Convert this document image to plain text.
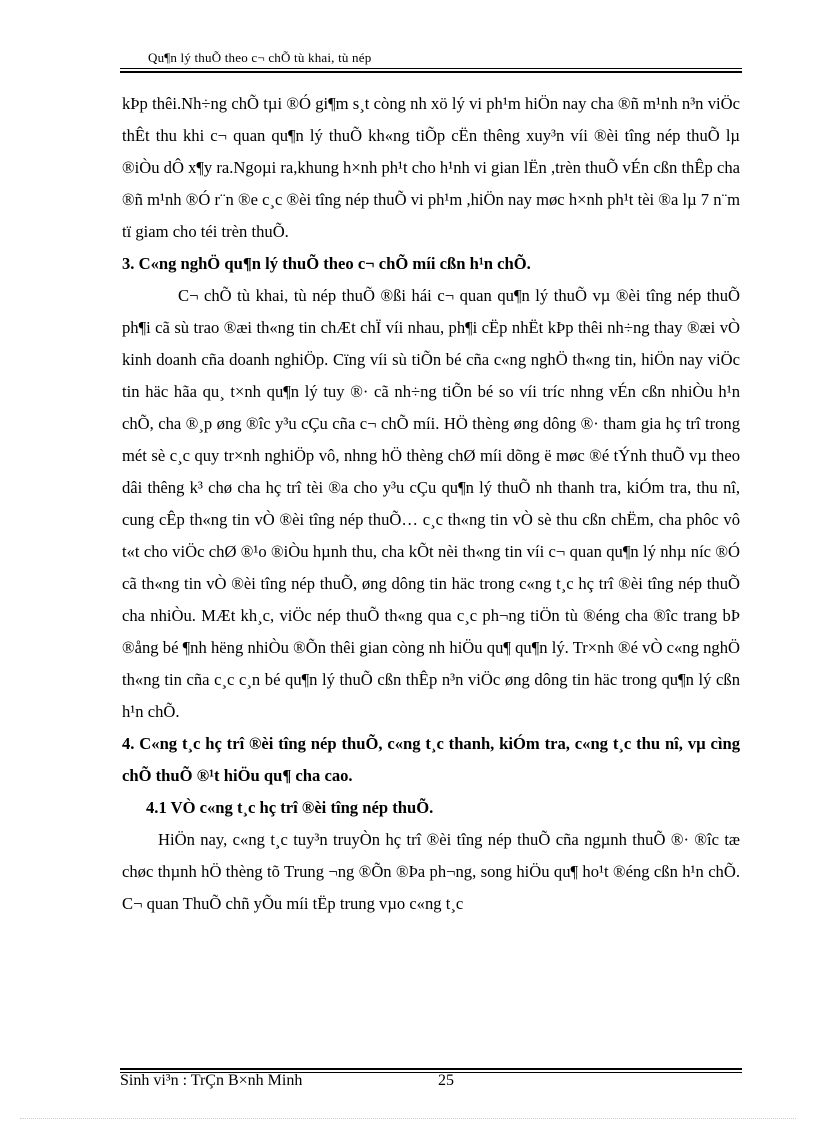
Qu¶n lý thuÕ theo c¬ chÕ tù khai, tù nép

kÞp thêi.Nh÷ng chÕ tµi ®Ó gi¶m s¸t còng nh xö lý vi ph¹m hiÖn nay cha ®ñ m¹nh n³n viÖc thÊt thu khi c¬ quan qu¶n lý thuÕ kh«ng tiÕp cËn thêng xuy³n víi ®èi tîng nép thuÕ lµ ®iÒu dÔ x¶y ra.Ngoµi ra,khung h×nh ph¹t cho h¹nh vi gian lËn ,trèn thuÕ vÉn cßn thÊp cha ®ñ m¹nh ®Ó r¨n ®e c¸c ®èi tîng nép thuÕ vi ph¹m ,hiÖn nay møc h×nh ph¹t tèi ®a lµ 7 n¨m tï giam cho téi trèn thuÕ.

3. C«ng nghÖ qu¶n lý thuÕ theo c¬ chÕ míi cßn h¹n chÕ.

C¬ chÕ tù khai, tù nép thuÕ ®ßi hái c¬ quan qu¶n lý thuÕ vµ ®èi tîng nép thuÕ ph¶i cã sù trao ®æi th«ng tin chÆt chÏ víi nhau, ph¶i cËp nhËt kÞp thêi nh÷ng thay ®æi vÒ kinh doanh cña doanh nghiÖp. Cïng víi sù tiÕn bé cña c«ng nghÖ th«ng tin, hiÖn nay viÖc tin häc hãa qu¸ t×nh qu¶n lý tuy ®· cã nh÷ng tiÕn bé so víi tríc nhng vÉn cßn nhiÒu h¹n chÕ, cha ®¸p øng ®îc y³u cÇu cña c¬ chÕ míi. HÖ thèng øng dông ®· tham gia hç trî trong mét sè c¸c quy tr×nh nghiÖp vô, nhng hÖ thèng chØ míi dõng ë møc ®é tÝnh thuÕ vµ theo dâi thêng k³ chø cha hç trî tèi ®a cho y³u cÇu qu¶n lý thuÕ nh thanh tra, kiÓm tra, thu nî, cung cÊp th«ng tin vÒ ®èi tîng nép thuÕ… c¸c th«ng tin vÒ sè thu cßn chËm, cha phôc vô t«t cho viÖc chØ ®¹o ®iÒu hµnh thu, cha kÕt nèi th«ng tin víi c¬ quan qu¶n lý nhµ níc ®Ó cã th«ng tin vÒ ®èi tîng nép thuÕ, øng dông tin häc trong c«ng t¸c hç trî ®èi tîng nép thuÕ cha nhiÒu. MÆt kh¸c, viÖc nép thuÕ th«ng qua c¸c ph¬ng tiÖn tù ®éng cha ®îc trang bÞ ®ång bé ¶nh hëng nhiÒu ®Õn thêi gian còng nh hiÖu qu¶ qu¶n lý. Tr×nh ®é vÒ c«ng nghÖ th«ng tin cña c¸c c¸n bé qu¶n lý thuÕ cßn thÊp n³n viÖc øng dông tin häc trong qu¶n lý cßn h¹n chÕ.

4. C«ng t¸c hç trî ®èi tîng nép thuÕ, c«ng t¸c thanh, kiÓm tra, c«ng t¸c thu nî, vµ cìng chÕ thuÕ ®¹t hiÖu qu¶ cha cao.

4.1 VÒ c«ng t¸c hç trî ®èi tîng nép thuÕ.

HiÖn nay, c«ng t¸c tuy³n truyÒn hç trî ®èi tîng nép thuÕ cña ngµnh thuÕ ®· ®îc tæ chøc thµnh hÖ thèng tõ Trung ¬ng ®Õn ®Þa ph¬ng, song hiÖu qu¶ ho¹t ®éng cßn h¹n chÕ. C¬ quan ThuÕ chñ yÕu míi tËp trung vµo c«ng t¸c

Sinh vi³n : TrÇn B×nh Minh	25
